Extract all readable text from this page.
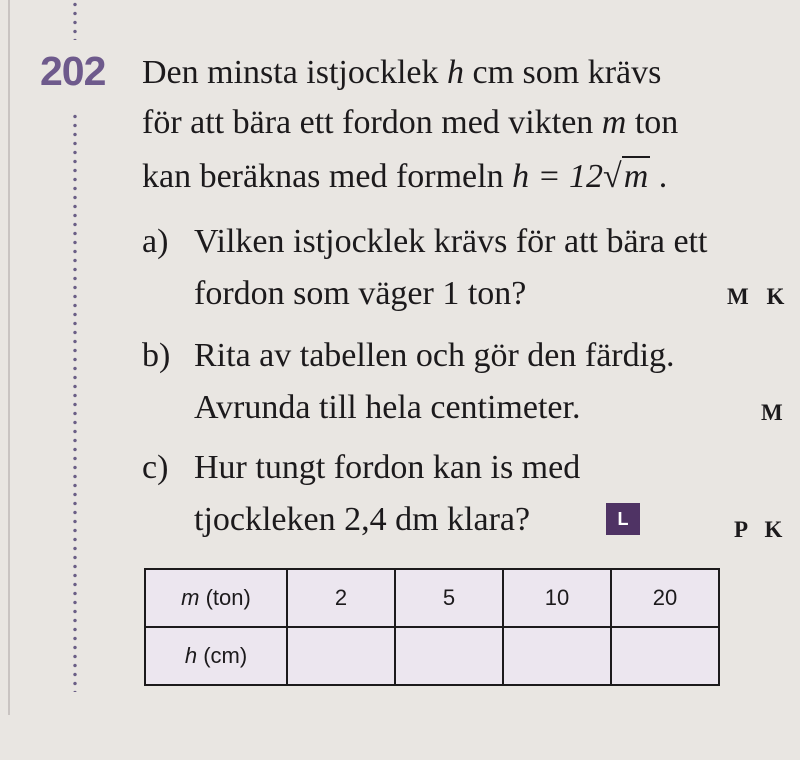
202 Den minsta istjocklek h cm som krävs
för att bära ett fordon med vikten m ton
kan beräknas med formeln h = 12√m .
a) Vilken istjocklek krävs för att bära ett
fordon som väger 1 ton?	M K
b) Rita av tabellen och gör den färdig.
Avrunda till hela centimeter.	M
c) Hur tungt fordon kan is med
tjockleken 2,4 dm klara?	L	P K
m (ton)	2	5	10	20
h (cm)				
